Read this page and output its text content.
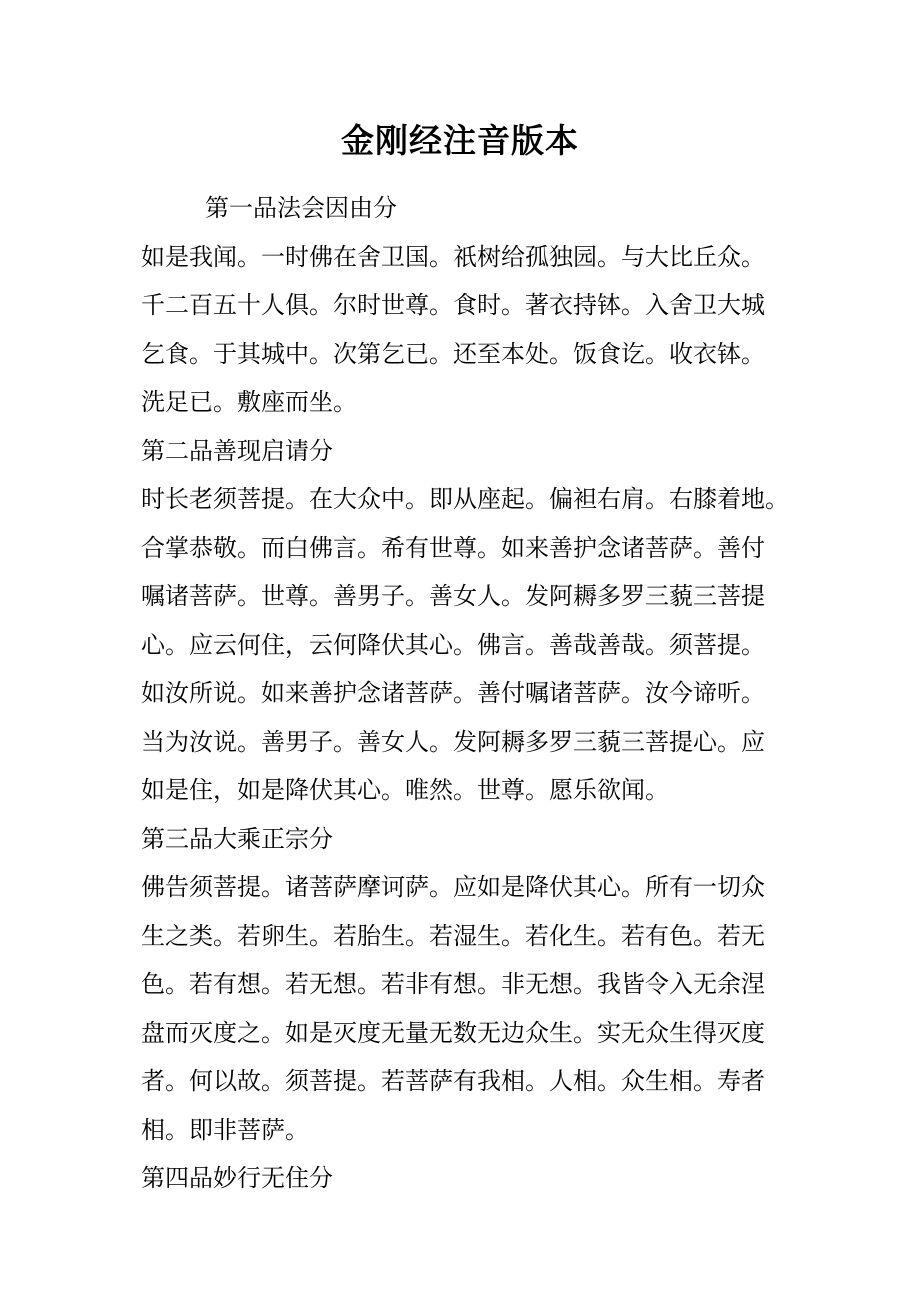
金刚经注音版本
第一品法会因由分
如是我闻。一时佛在舍卫国。祇树给孤独园。与大比丘众。
千二百五十人俱。尔时世尊。食时。著衣持钵。入舍卫大城
乞食。于其城中。次第乞已。还至本处。饭食讫。收衣钵。
洗足已。敷座而坐。
第二品善现启请分
时长老须菩提。在大众中。即从座起。偏袒右肩。右膝着地。
合掌恭敬。而白佛言。希有世尊。如来善护念诸菩萨。善付
嘱诸菩萨。世尊。善男子。善女人。发阿耨多罗三藐三菩提
心。应云何住，云何降伏其心。佛言。善哉善哉。须菩提。
如汝所说。如来善护念诸菩萨。善付嘱诸菩萨。汝今谛听。
当为汝说。善男子。善女人。发阿耨多罗三藐三菩提心。应
如是住，如是降伏其心。唯然。世尊。愿乐欲闻。
第三品大乘正宗分
佛告须菩提。诸菩萨摩诃萨。应如是降伏其心。所有一切众
生之类。若卵生。若胎生。若湿生。若化生。若有色。若无
色。若有想。若无想。若非有想。非无想。我皆令入无余涅
盘而灭度之。如是灭度无量无数无边众生。实无众生得灭度
者。何以故。须菩提。若菩萨有我相。人相。众生相。寿者
相。即非菩萨。
第四品妙行无住分
